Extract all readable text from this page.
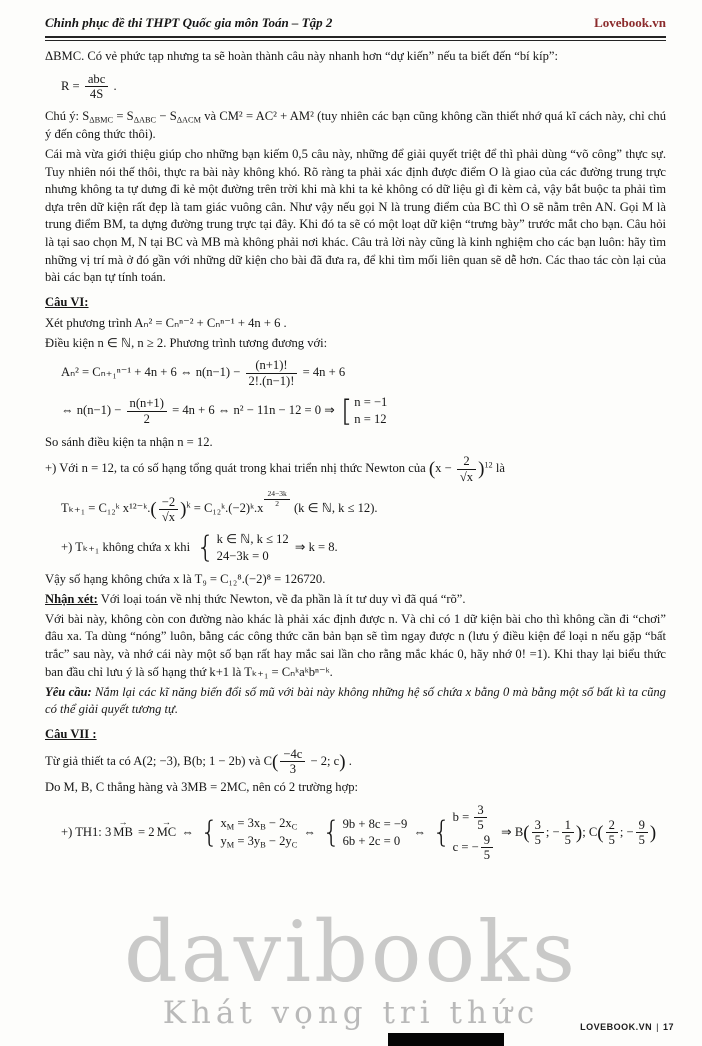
Chinh phục đề thi THPT Quốc gia môn Toán – Tập 2	Lovebook.vn
ΔBMC. Có vẻ phức tạp nhưng ta sẽ hoàn thành câu này nhanh hơn “dự kiến” nếu ta biết đến “bí kíp”:
$R = \frac{\text{abc}}{4S}$ .
Chú ý: SΔBMC = SΔABC − SΔACM và CM² = AC² + AM² (tuy nhiên các bạn cũng không cần thiết nhớ quá kĩ cách này, chỉ chú ý đến công thức thôi).
Cái mà vừa giới thiệu giúp cho những bạn kiếm 0,5 câu này, những để giải quyết triệt để thì phải dùng “võ công” thực sự. Tuy nhiên nói thế thôi, thực ra bài này không khó. Rõ ràng ta phải xác định được điểm O là giao của các đường trung trực nhưng không ta tự dưng đi kẻ một đường trên trời khi mà khi ta kẻ không có dữ liệu gì đi kèm cả, vậy bắt buộc ta phải tìm dựa trên dữ kiện rất đẹp là tam giác vuông cân. Như vậy nếu gọi N là trung điểm của BC thì O sẽ nằm trên AN. Gọi M là trung điểm BM, ta dựng đường trung trực tại đây. Khi đó ta sẽ có một loạt dữ kiện “trưng bày” trước mắt cho bạn. Câu hỏi là tại sao chọn M, N tại BC và MB mà không phải nơi khác. Câu trả lời này cũng là kinh nghiệm cho các bạn luôn: hãy tìm những vị trí mà ở đó gần với những dữ kiện cho bài đã đưa ra, để khi tìm mối liên quan sẽ dễ hơn. Các thao tác còn lại của bài các bạn tự tính toán.
Câu VI:
Xét phương trình Aₙ² = Cₙⁿ⁻² + Cₙⁿ⁻¹ + 4n + 6 .
Điều kiện n ∈ ℕ, n ≥ 2. Phương trình tương đương với:
Aₙ² = Cₙ₊₁ⁿ⁻¹ + 4n + 6 ⇔ $n(n-1) - \frac{(n+1)!}{2!.(n-1)!} = 4n + 6$
⇔ $n(n-1) - \frac{n(n+1)}{2} = 4n + 6$ ⇔ n² − 11n − 12 = 0 ⇒ [ n = −1
n = 12
So sánh điều kiện ta nhận n = 12.
+) Với n = 12, ta có số hạng tổng quát trong khai triển nhị thức Newton của $(x - \frac{2}{√x} )^{12}$ là
Tₖ₊₁ = C₁₂ᵏ x¹²⁻ᵏ.( $\frac{-2}{√x} )^k$ = C₁₂ᵏ.(−2)ᵏ.x $\frac{24-3k}{2} (k$ ∈ ℕ, k ≤ 12).
+) Tₖ₊₁ không chứa x khi { k ∈ ℕ, k ≤ 12
24−3k = 0
⇒ k = 8.
Vậy số hạng không chứa x là T₉ = C₁₂⁸.(−2)⁸ = 126720.
Nhận xét: Với loại toán về nhị thức Newton, về đa phần là ít tư duy vì đã quá “rõ”.
Với bài này, không còn con đường nào khác là phải xác định được n. Và chỉ có 1 dữ kiện bài cho thì không cần đi “chơi” đâu xa. Ta dùng “nóng” luôn, bằng các công thức căn bản bạn sẽ tìm ngay được n (lưu ý điều kiện để loại n nếu gặp “bất trắc” sau này, và nhớ cái này một số bạn rất hay mắc sai lần cho rằng mắc khác 0, hãy nhớ 0! =1). Khi thay lại biểu thức ban đầu chỉ lưu ý là số hạng thứ k+1 là Tₖ₊₁ = Cₙᵏaᵏbⁿ⁻ᵏ.
Yêu cầu: Nắm lại các kĩ năng biến đổi số mũ với bài này không những hệ số chứa x bằng 0 mà bằng một số bất kì ta cũng có thể giải quyết tương tự.
Câu VII :
Từ giả thiết ta có A(2; −3), B(b; 1 − 2b) và $C( \frac{-4c}{3} - 2$; c) .
Do M, B, C thẳng hàng và 3MB = 2MC, nên có 2 trường hợp:
+) TH1: 3 MB → = 2 MC → ⇔ { xM = 3xB − 2xC
yM = 3yB − 2yC
⇔ { 9b + 8c = −9
6b + 2c = 0
⇔ { $b = \frac{3}{5}$
c = − $\frac{9}{5}$
⇒ $B( \frac{3}{5}$ ; − $\frac{1}{5}$ ); $C( \frac{2}{5}$ ; − $\frac{9}{5}$ )
davibooks
Khát vọng tri thức	LOVEBOOK.VN | 17
